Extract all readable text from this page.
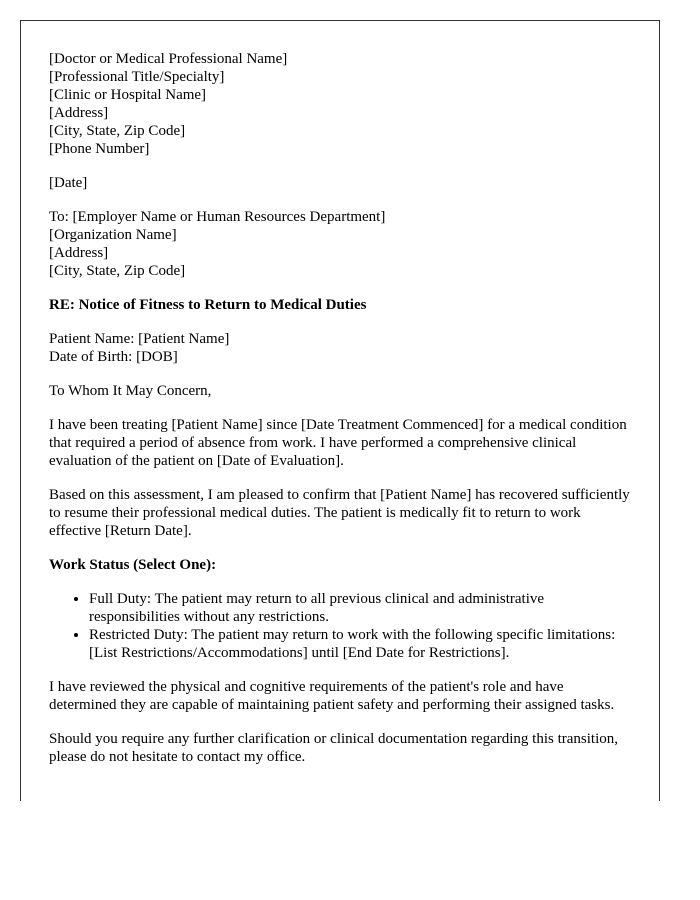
[Doctor or Medical Professional Name]
[Professional Title/Specialty]
[Clinic or Hospital Name]
[Address]
[City, State, Zip Code]
[Phone Number]

[Date]

To: [Employer Name or Human Resources Department]
[Organization Name]
[Address]
[City, State, Zip Code]

RE: Notice of Fitness to Return to Medical Duties

Patient Name: [Patient Name]
Date of Birth: [DOB]

To Whom It May Concern,

I have been treating [Patient Name] since [Date Treatment Commenced] for a medical condition that required a period of absence from work. I have performed a comprehensive clinical evaluation of the patient on [Date of Evaluation].

Based on this assessment, I am pleased to confirm that [Patient Name] has recovered sufficiently to resume their professional medical duties. The patient is medically fit to return to work effective [Return Date].

Work Status (Select One):

• Full Duty: The patient may return to all previous clinical and administrative responsibilities without any restrictions.
• Restricted Duty: The patient may return to work with the following specific limitations: [List Restrictions/Accommodations] until [End Date for Restrictions].

I have reviewed the physical and cognitive requirements of the patient's role and have determined they are capable of maintaining patient safety and performing their assigned tasks.

Should you require any further clarification or clinical documentation regarding this transition, please do not hesitate to contact my office.
